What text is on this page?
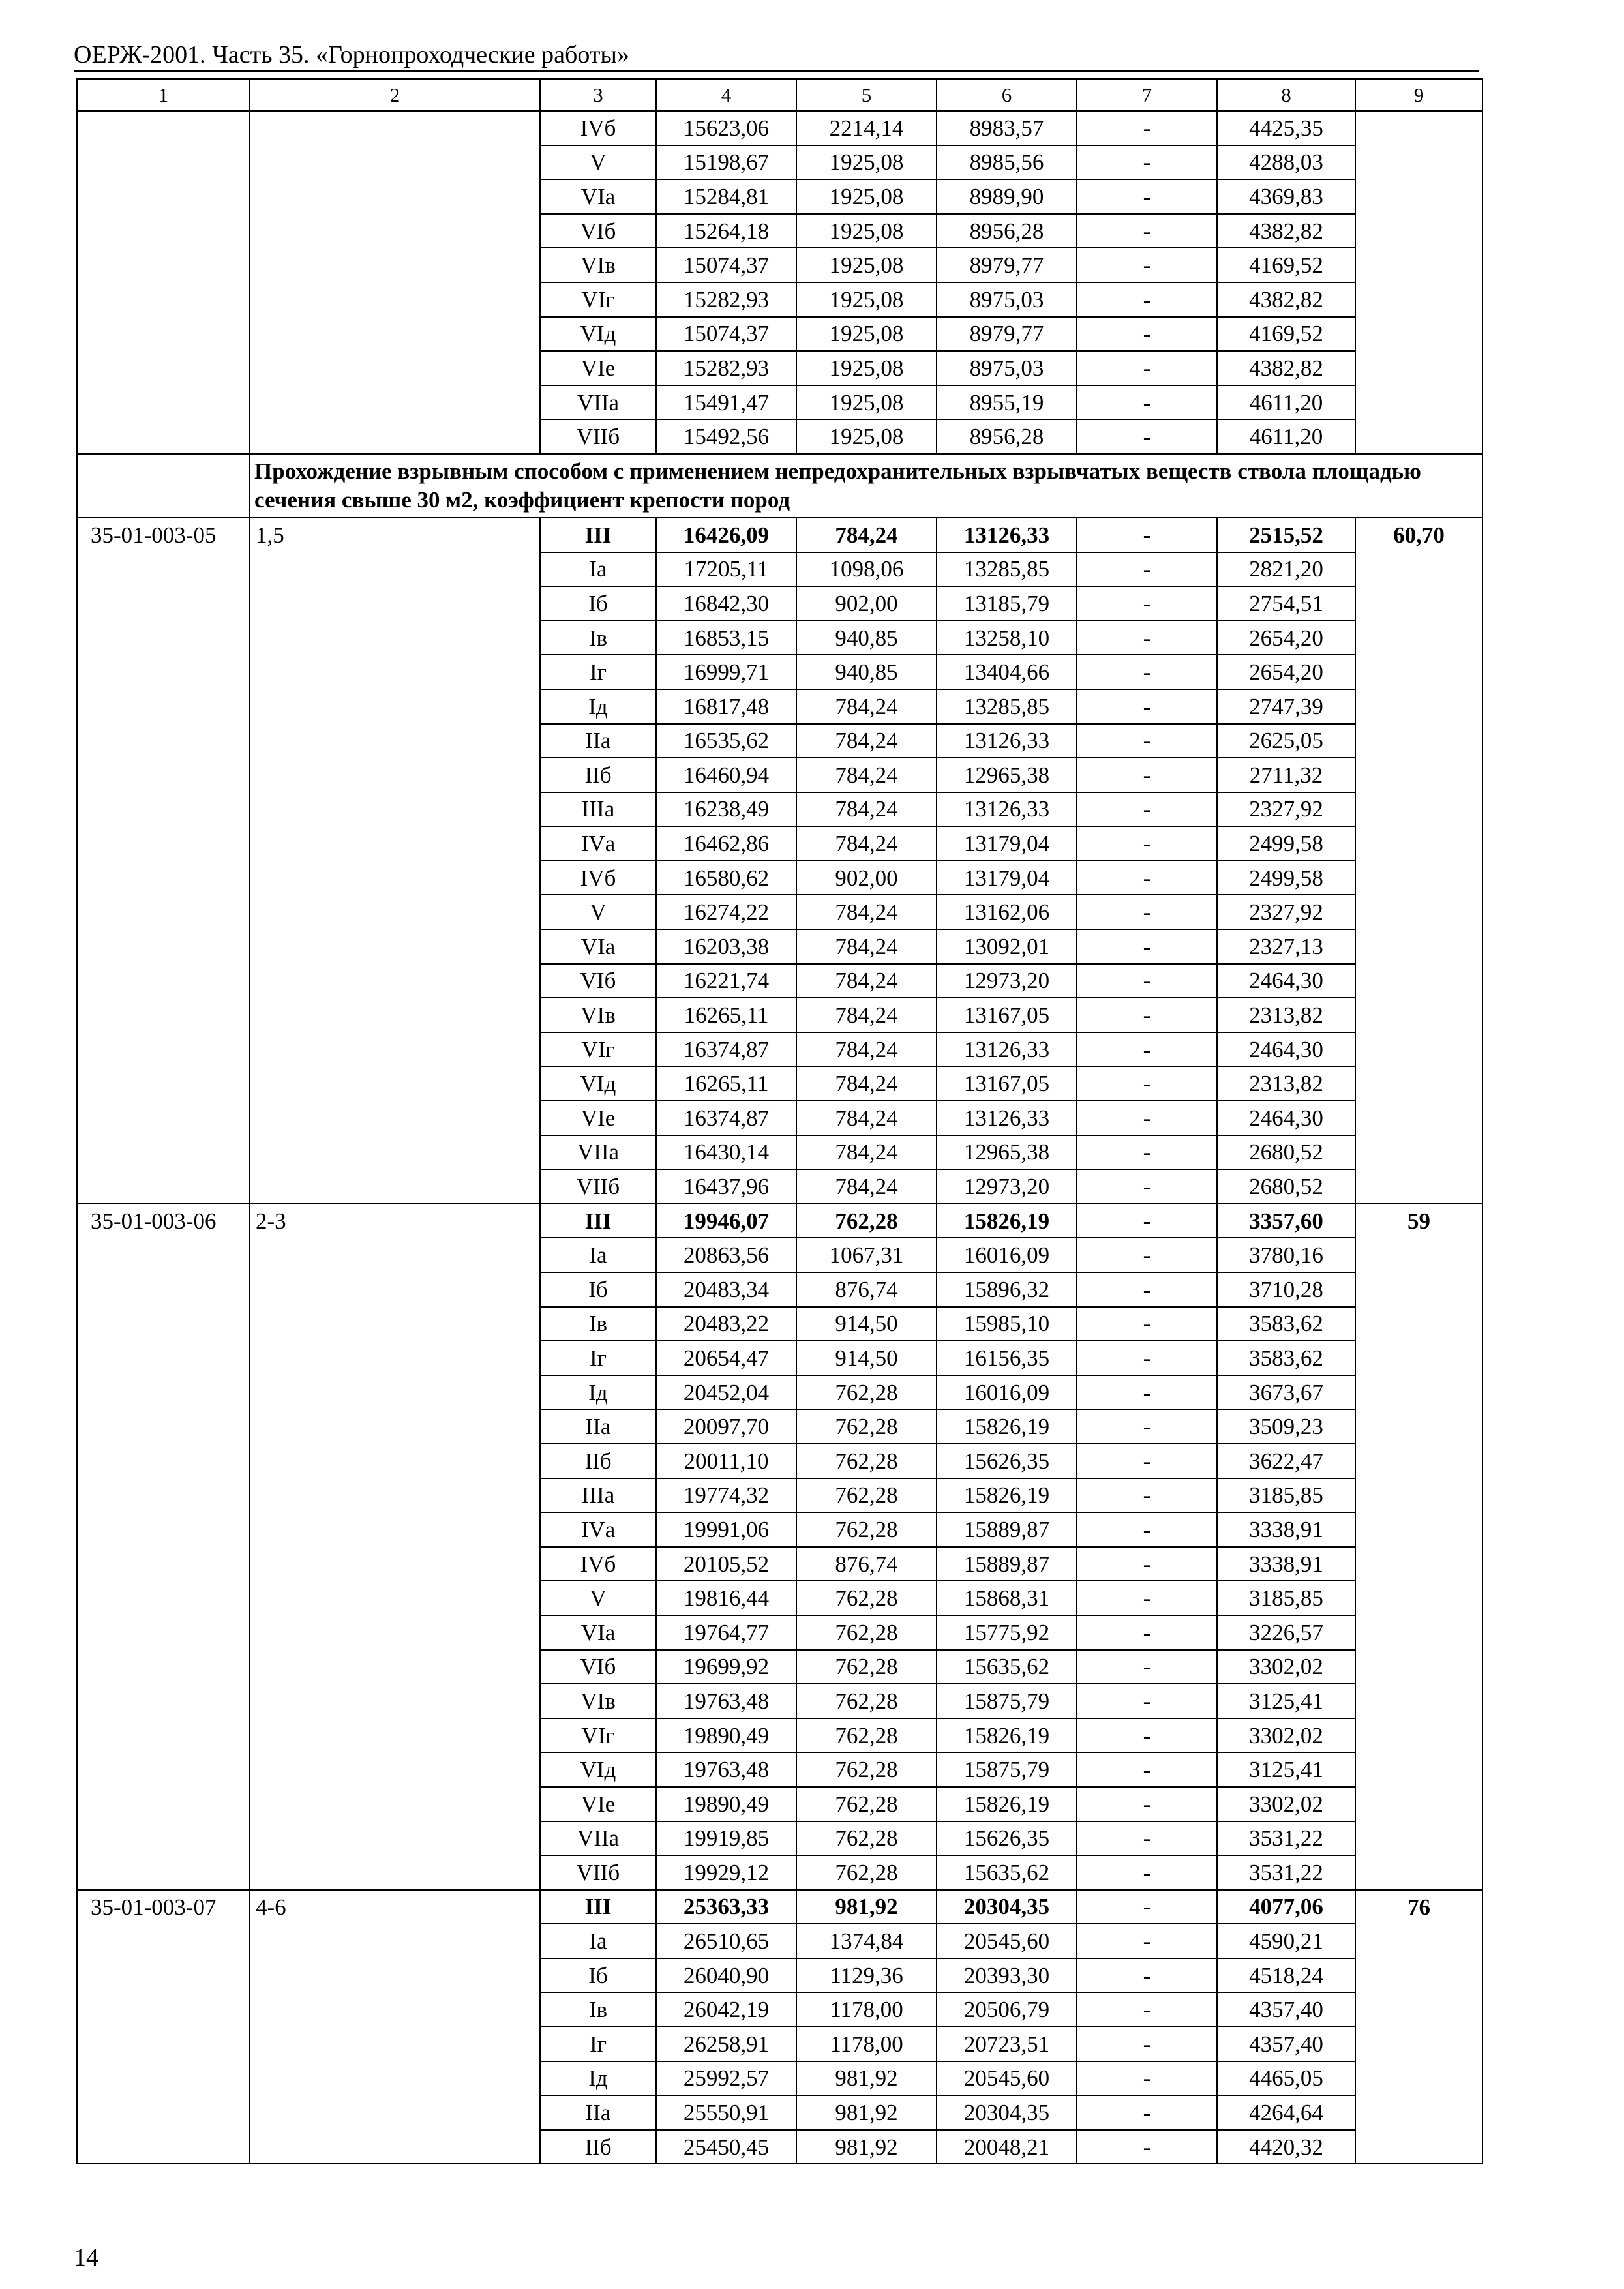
ОЕРЖ-2001. Часть 35. «Горнопроходческие работы»
1	2	3	4	5	6	7	8	9
		IVб	15623,06	2214,14	8983,57	-	4425,35	
		V	15198,67	1925,08	8985,56	-	4288,03	
		VIа	15284,81	1925,08	8989,90	-	4369,83	
		VIб	15264,18	1925,08	8956,28	-	4382,82	
		VIв	15074,37	1925,08	8979,77	-	4169,52	
		VIг	15282,93	1925,08	8975,03	-	4382,82	
		VIд	15074,37	1925,08	8979,77	-	4169,52	
		VIе	15282,93	1925,08	8975,03	-	4382,82	
		VIIа	15491,47	1925,08	8955,19	-	4611,20	
		VIIб	15492,56	1925,08	8956,28	-	4611,20	
	Прохождение взрывным способом с применением непредохранительных взрывчатых веществ ствола площадью сечения свыше 30 м2, коэффициент крепости пород							
35-01-003-05	1,5	III	16426,09	784,24	13126,33	-	2515,52	60,70
		Iа	17205,11	1098,06	13285,85	-	2821,20	
		Iб	16842,30	902,00	13185,79	-	2754,51	
		Iв	16853,15	940,85	13258,10	-	2654,20	
		Iг	16999,71	940,85	13404,66	-	2654,20	
		Iд	16817,48	784,24	13285,85	-	2747,39	
		IIа	16535,62	784,24	13126,33	-	2625,05	
		IIб	16460,94	784,24	12965,38	-	2711,32	
		IIIа	16238,49	784,24	13126,33	-	2327,92	
		IVа	16462,86	784,24	13179,04	-	2499,58	
		IVб	16580,62	902,00	13179,04	-	2499,58	
		V	16274,22	784,24	13162,06	-	2327,92	
		VIа	16203,38	784,24	13092,01	-	2327,13	
		VIб	16221,74	784,24	12973,20	-	2464,30	
		VIв	16265,11	784,24	13167,05	-	2313,82	
		VIг	16374,87	784,24	13126,33	-	2464,30	
		VIд	16265,11	784,24	13167,05	-	2313,82	
		VIе	16374,87	784,24	13126,33	-	2464,30	
		VIIа	16430,14	784,24	12965,38	-	2680,52	
		VIIб	16437,96	784,24	12973,20	-	2680,52	
35-01-003-06	2-3	III	19946,07	762,28	15826,19	-	3357,60	59
		Iа	20863,56	1067,31	16016,09	-	3780,16	
		Iб	20483,34	876,74	15896,32	-	3710,28	
		Iв	20483,22	914,50	15985,10	-	3583,62	
		Iг	20654,47	914,50	16156,35	-	3583,62	
		Iд	20452,04	762,28	16016,09	-	3673,67	
		IIа	20097,70	762,28	15826,19	-	3509,23	
		IIб	20011,10	762,28	15626,35	-	3622,47	
		IIIа	19774,32	762,28	15826,19	-	3185,85	
		IVа	19991,06	762,28	15889,87	-	3338,91	
		IVб	20105,52	876,74	15889,87	-	3338,91	
		V	19816,44	762,28	15868,31	-	3185,85	
		VIа	19764,77	762,28	15775,92	-	3226,57	
		VIб	19699,92	762,28	15635,62	-	3302,02	
		VIв	19763,48	762,28	15875,79	-	3125,41	
		VIг	19890,49	762,28	15826,19	-	3302,02	
		VIд	19763,48	762,28	15875,79	-	3125,41	
		VIе	19890,49	762,28	15826,19	-	3302,02	
		VIIа	19919,85	762,28	15626,35	-	3531,22	
		VIIб	19929,12	762,28	15635,62	-	3531,22	
35-01-003-07	4-6	III	25363,33	981,92	20304,35	-	4077,06	76
		Iа	26510,65	1374,84	20545,60	-	4590,21	
		Iб	26040,90	1129,36	20393,30	-	4518,24	
		Iв	26042,19	1178,00	20506,79	-	4357,40	
		Iг	26258,91	1178,00	20723,51	-	4357,40	
		Iд	25992,57	981,92	20545,60	-	4465,05	
		IIа	25550,91	981,92	20304,35	-	4264,64	
		IIб	25450,45	981,92	20048,21	-	4420,32	
14
